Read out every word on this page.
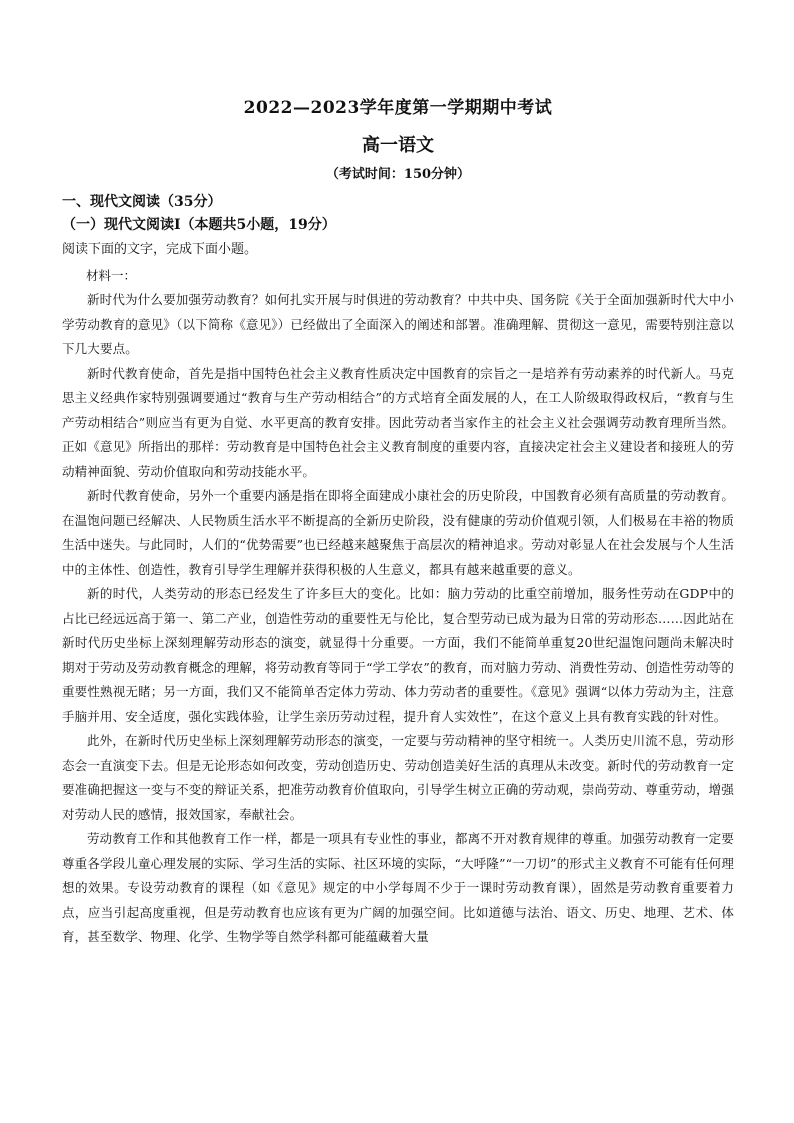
2022—2023学年度第一学期期中考试
高一语文
（考试时间：150分钟）
一、现代文阅读（35分）
（一）现代文阅读Ⅰ（本题共5小题，19分）
阅读下面的文字，完成下面小题。
材料一：

新时代为什么要加强劳动教育？如何扎实开展与时俱进的劳动教育？中共中央、国务院《关于全面加强新时代大中小学劳动教育的意见》（以下简称《意见》）已经做出了全面深入的阐述和部署。准确理解、贯彻这一意见，需要特别注意以下几大要点。

新时代教育使命，首先是指中国特色社会主义教育性质决定中国教育的宗旨之一是培养有劳动素养的时代新人。马克思主义经典作家特别强调要通过“教育与生产劳动相结合”的方式培育全面发展的人，在工人阶级取得政权后，“教育与生产劳动相结合”则应当有更为自觉、水平更高的教育安排。因此劳动者当家作主的社会主义社会强调劳动教育理所当然。正如《意见》所指出的那样：劳动教育是中国特色社会主义教育制度的重要内容，直接决定社会主义建设者和接班人的劳动精神面貌、劳动价值取向和劳动技能水平。

新时代教育使命，另外一个重要内涵是指在即将全面建成小康社会的历史阶段，中国教育必须有高质量的劳动教育。在温饱问题已经解决、人民物质生活水平不断提高的全新历史阶段，没有健康的劳动价值观引领，人们极易在丰裕的物质生活中迷失。与此同时，人们的“优势需要”也已经越来越聚焦于高层次的精神追求。劳动对彰显人在社会发展与个人生活中的主体性、创造性，教育引导学生理解并获得积极的人生意义，都具有越来越重要的意义。

新的时代，人类劳动的形态已经发生了许多巨大的变化。比如：脑力劳动的比重空前增加，服务性劳动在GDP中的占比已经远远高于第一、第二产业，创造性劳动的重要性无与伦比，复合型劳动已成为最为日常的劳动形态……因此站在新时代历史坐标上深刻理解劳动形态的演变，就显得十分重要。一方面，我们不能简单重复20世纪温饱问题尚未解决时期对于劳动及劳动教育概念的理解，将劳动教育等同于“学工学农”的教育，而对脑力劳动、消费性劳动、创造性劳动等的重要性熟视无睹；另一方面，我们又不能简单否定体力劳动、体力劳动者的重要性。《意见》强调“以体力劳动为主，注意手脑并用、安全适度，强化实践体验，让学生亲历劳动过程，提升育人实效性”，在这个意义上具有教育实践的针对性。

此外，在新时代历史坐标上深刻理解劳动形态的演变，一定要与劳动精神的坚守相统一。人类历史川流不息，劳动形态会一直演变下去。但是无论形态如何改变，劳动创造历史、劳动创造美好生活的真理从未改变。新时代的劳动教育一定要准确把握这一变与不变的辩证关系，把准劳动教育价值取向，引导学生树立正确的劳动观，崇尚劳动、尊重劳动，增强对劳动人民的感情，报效国家，奉献社会。

劳动教育工作和其他教育工作一样，都是一项具有专业性的事业，都离不开对教育规律的尊重。加强劳动教育一定要尊重各学段儿童心理发展的实际、学习生活的实际、社区环境的实际，“大呼隆”“一刀切”的形式主义教育不可能有任何理想的效果。专设劳动教育的课程（如《意见》规定的中小学每周不少于一课时劳动教育课），固然是劳动教育重要着力点，应当引起高度重视，但是劳动教育也应该有更为广阔的加强空间。比如道德与法治、语文、历史、地理、艺术、体育，甚至数学、物理、化学、生物学等自然学科都可能蕴藏着大量
